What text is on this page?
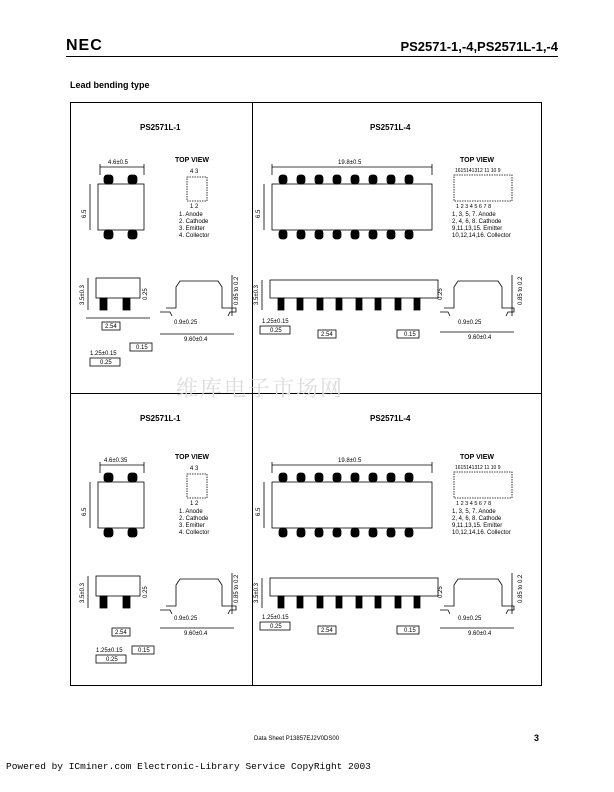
NEC	PS2571-1,-4,PS2571L-1,-4
Lead bending type
维库电子市场网
PS2571L-1
4.6±0.5
6.5
TOP VIEW
4 3
1 2
1. Anode
2. Cathode
3. Emitter
4. Collector
3.5±0.3
2.54
0.25
0.15
1.25±0.15
0.25
0.85 to 0.2
0.9±0.25
9.60±0.4
PS2571L-4
19.8±0.5
6.5
TOP VIEW
1615141312 11 10 9
1 2 3 4 5 6 7 8
1, 3, 5, 7. Anode
2, 4, 6, 8. Cathode
9,11,13,15. Emitter
10,12,14,16. Collector
3.5±0.3	0.25
1.25±0.15
0.25
2.54	0.15
0.85 to 0.2
0.9±0.25
9.60±0.4
PS2571L-1
4.6±0.35
6.5
TOP VIEW
4 3
1 2
1. Anode
2. Cathode
3. Emitter
4. Collector
3.5±0.3
2.54
0.25
0.15
1.25±0.15
0.25
0.85 to 0.2
0.9±0.25
9.60±0.4
PS2571L-4
19.8±0.5
6.5
TOP VIEW
1615141312 11 10 9
1 2 3 4 5 6 7 8
1, 3, 5, 7. Anode
2, 4, 6, 8. Cathode
9,11,13,15. Emitter
10,12,14,16. Collector
3.5±0.3	0.25
1.25±0.15
0.25
2.54	0.15
0.85 to 0.2
0.9±0.25
9.60±0.4
Data Sheet P13857EJ2V0DS00	3
Powered by ICminer.com Electronic-Library Service CopyRight 2003
